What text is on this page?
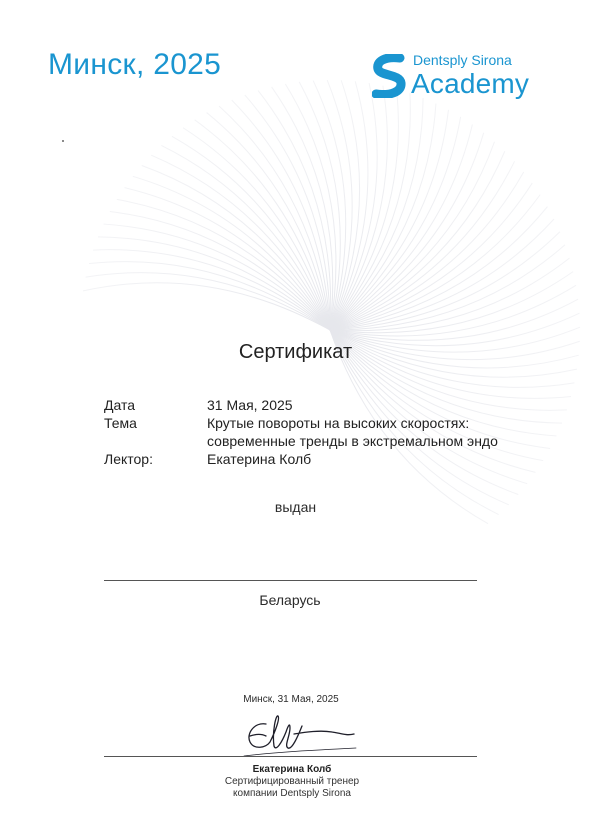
Минск, 2025	Dentsply Sirona
Academy
Сертификат
Дата	31 Мая, 2025
Тема	Крутые повороты на высоких скоростях:
современные тренды в экстремальном эндо
Лектор:	Екатерина Колб
выдан
Беларусь
Минск, 31 Мая, 2025
Екатерина Колб
Сертифицированный тренер
компании Dentsply Sirona
